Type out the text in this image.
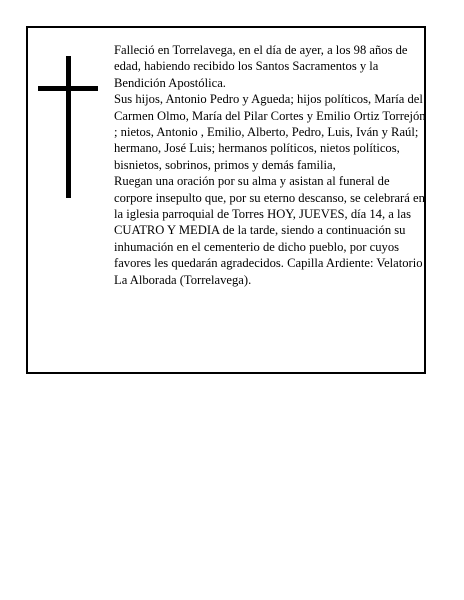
Falleció en Torrelavega, en el día de ayer, a los 98 años de edad, habiendo recibido los Santos Sacramentos y la Bendición Apostólica.

Sus hijos, Antonio Pedro y Agueda; hijos políticos, María del Carmen Olmo, María del Pilar Cortes y Emilio Ortiz Torrejón ; nietos, Antonio , Emilio, Alberto, Pedro, Luis, Iván y Raúl; hermano, José Luis; hermanos políticos, nietos políticos, bisnietos, sobrinos, primos y demás familia,

Ruegan una oración por su alma y asistan al funeral de corpore insepulto que, por su eterno descanso, se celebrará en la iglesia parroquial de Torres HOY, JUEVES, día 14, a las CUATRO Y MEDIA de la tarde, siendo a continuación su inhumación en el cementerio de dicho pueblo, por cuyos favores les quedarán agradecidos. Capilla Ardiente: Velatorio La Alborada (Torrelavega).
